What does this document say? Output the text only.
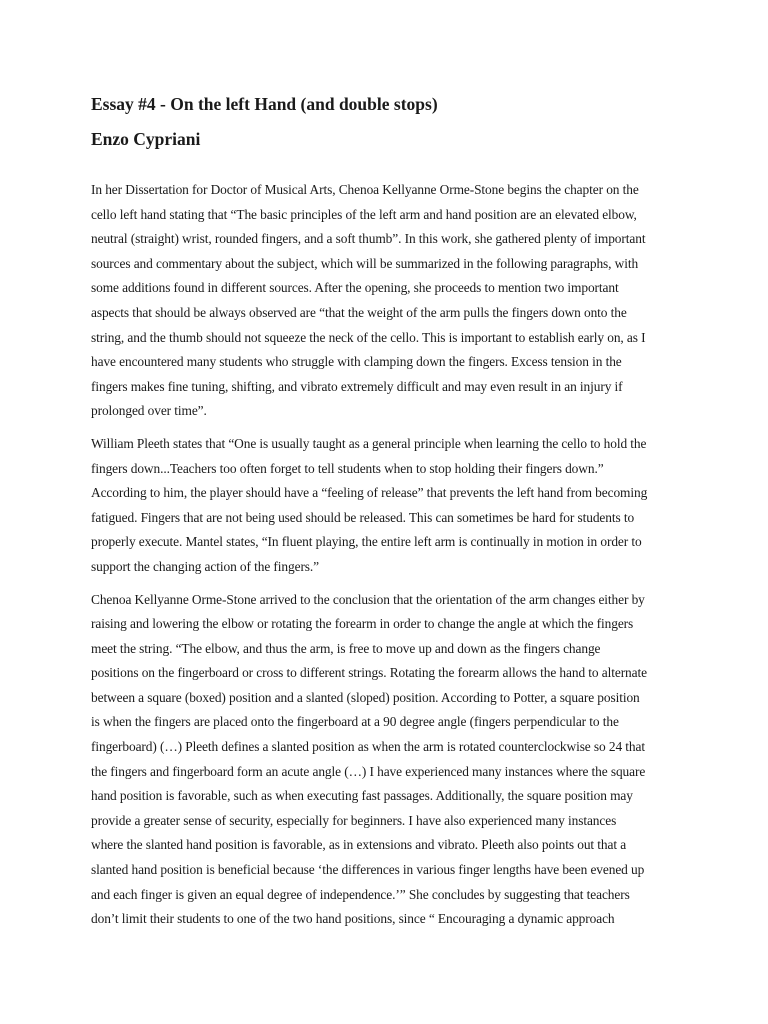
Essay #4 - On the left Hand (and double stops)
Enzo Cypriani

In her Dissertation for Doctor of Musical Arts, Chenoa Kellyanne Orme-Stone begins the chapter on the
cello left hand stating that “The basic principles of the left arm and hand position are an elevated elbow,
neutral (straight) wrist, rounded fingers, and a soft thumb”. In this work, she gathered plenty of important
sources and commentary about the subject, which will be summarized in the following paragraphs, with
some additions found in different sources. After the opening, she proceeds to mention two important
aspects that should be always observed are “that the weight of the arm pulls the fingers down onto the
string, and the thumb should not squeeze the neck of the cello. This is important to establish early on, as I
have encountered many students who struggle with clamping down the fingers. Excess tension in the
fingers makes fine tuning, shifting, and vibrato extremely difficult and may even result in an injury if
prolonged over time”.

William Pleeth states that “One is usually taught as a general principle when learning the cello to hold the
fingers down...Teachers too often forget to tell students when to stop holding their fingers down.”
According to him, the player should have a “feeling of release” that prevents the left hand from becoming
fatigued. Fingers that are not being used should be released. This can sometimes be hard for students to
properly execute. Mantel states, “In fluent playing, the entire left arm is continually in motion in order to
support the changing action of the fingers.”

Chenoa Kellyanne Orme-Stone arrived to the conclusion that the orientation of the arm changes either by
raising and lowering the elbow or rotating the forearm in order to change the angle at which the fingers
meet the string. “The elbow, and thus the arm, is free to move up and down as the fingers change
positions on the fingerboard or cross to different strings. Rotating the forearm allows the hand to alternate
between a square (boxed) position and a slanted (sloped) position. According to Potter, a square position
is when the fingers are placed onto the fingerboard at a 90 degree angle (fingers perpendicular to the
fingerboard) (…) Pleeth defines a slanted position as when the arm is rotated counterclockwise so 24 that
the fingers and fingerboard form an acute angle (…) I have experienced many instances where the square
hand position is favorable, such as when executing fast passages. Additionally, the square position may
provide a greater sense of security, especially for beginners. I have also experienced many instances
where the slanted hand position is favorable, as in extensions and vibrato. Pleeth also points out that a
slanted hand position is beneficial because ‘the differences in various finger lengths have been evened up
and each finger is given an equal degree of independence.’” She concludes by suggesting that teachers
don’t limit their students to one of the two hand positions, since “ Encouraging a dynamic approach
